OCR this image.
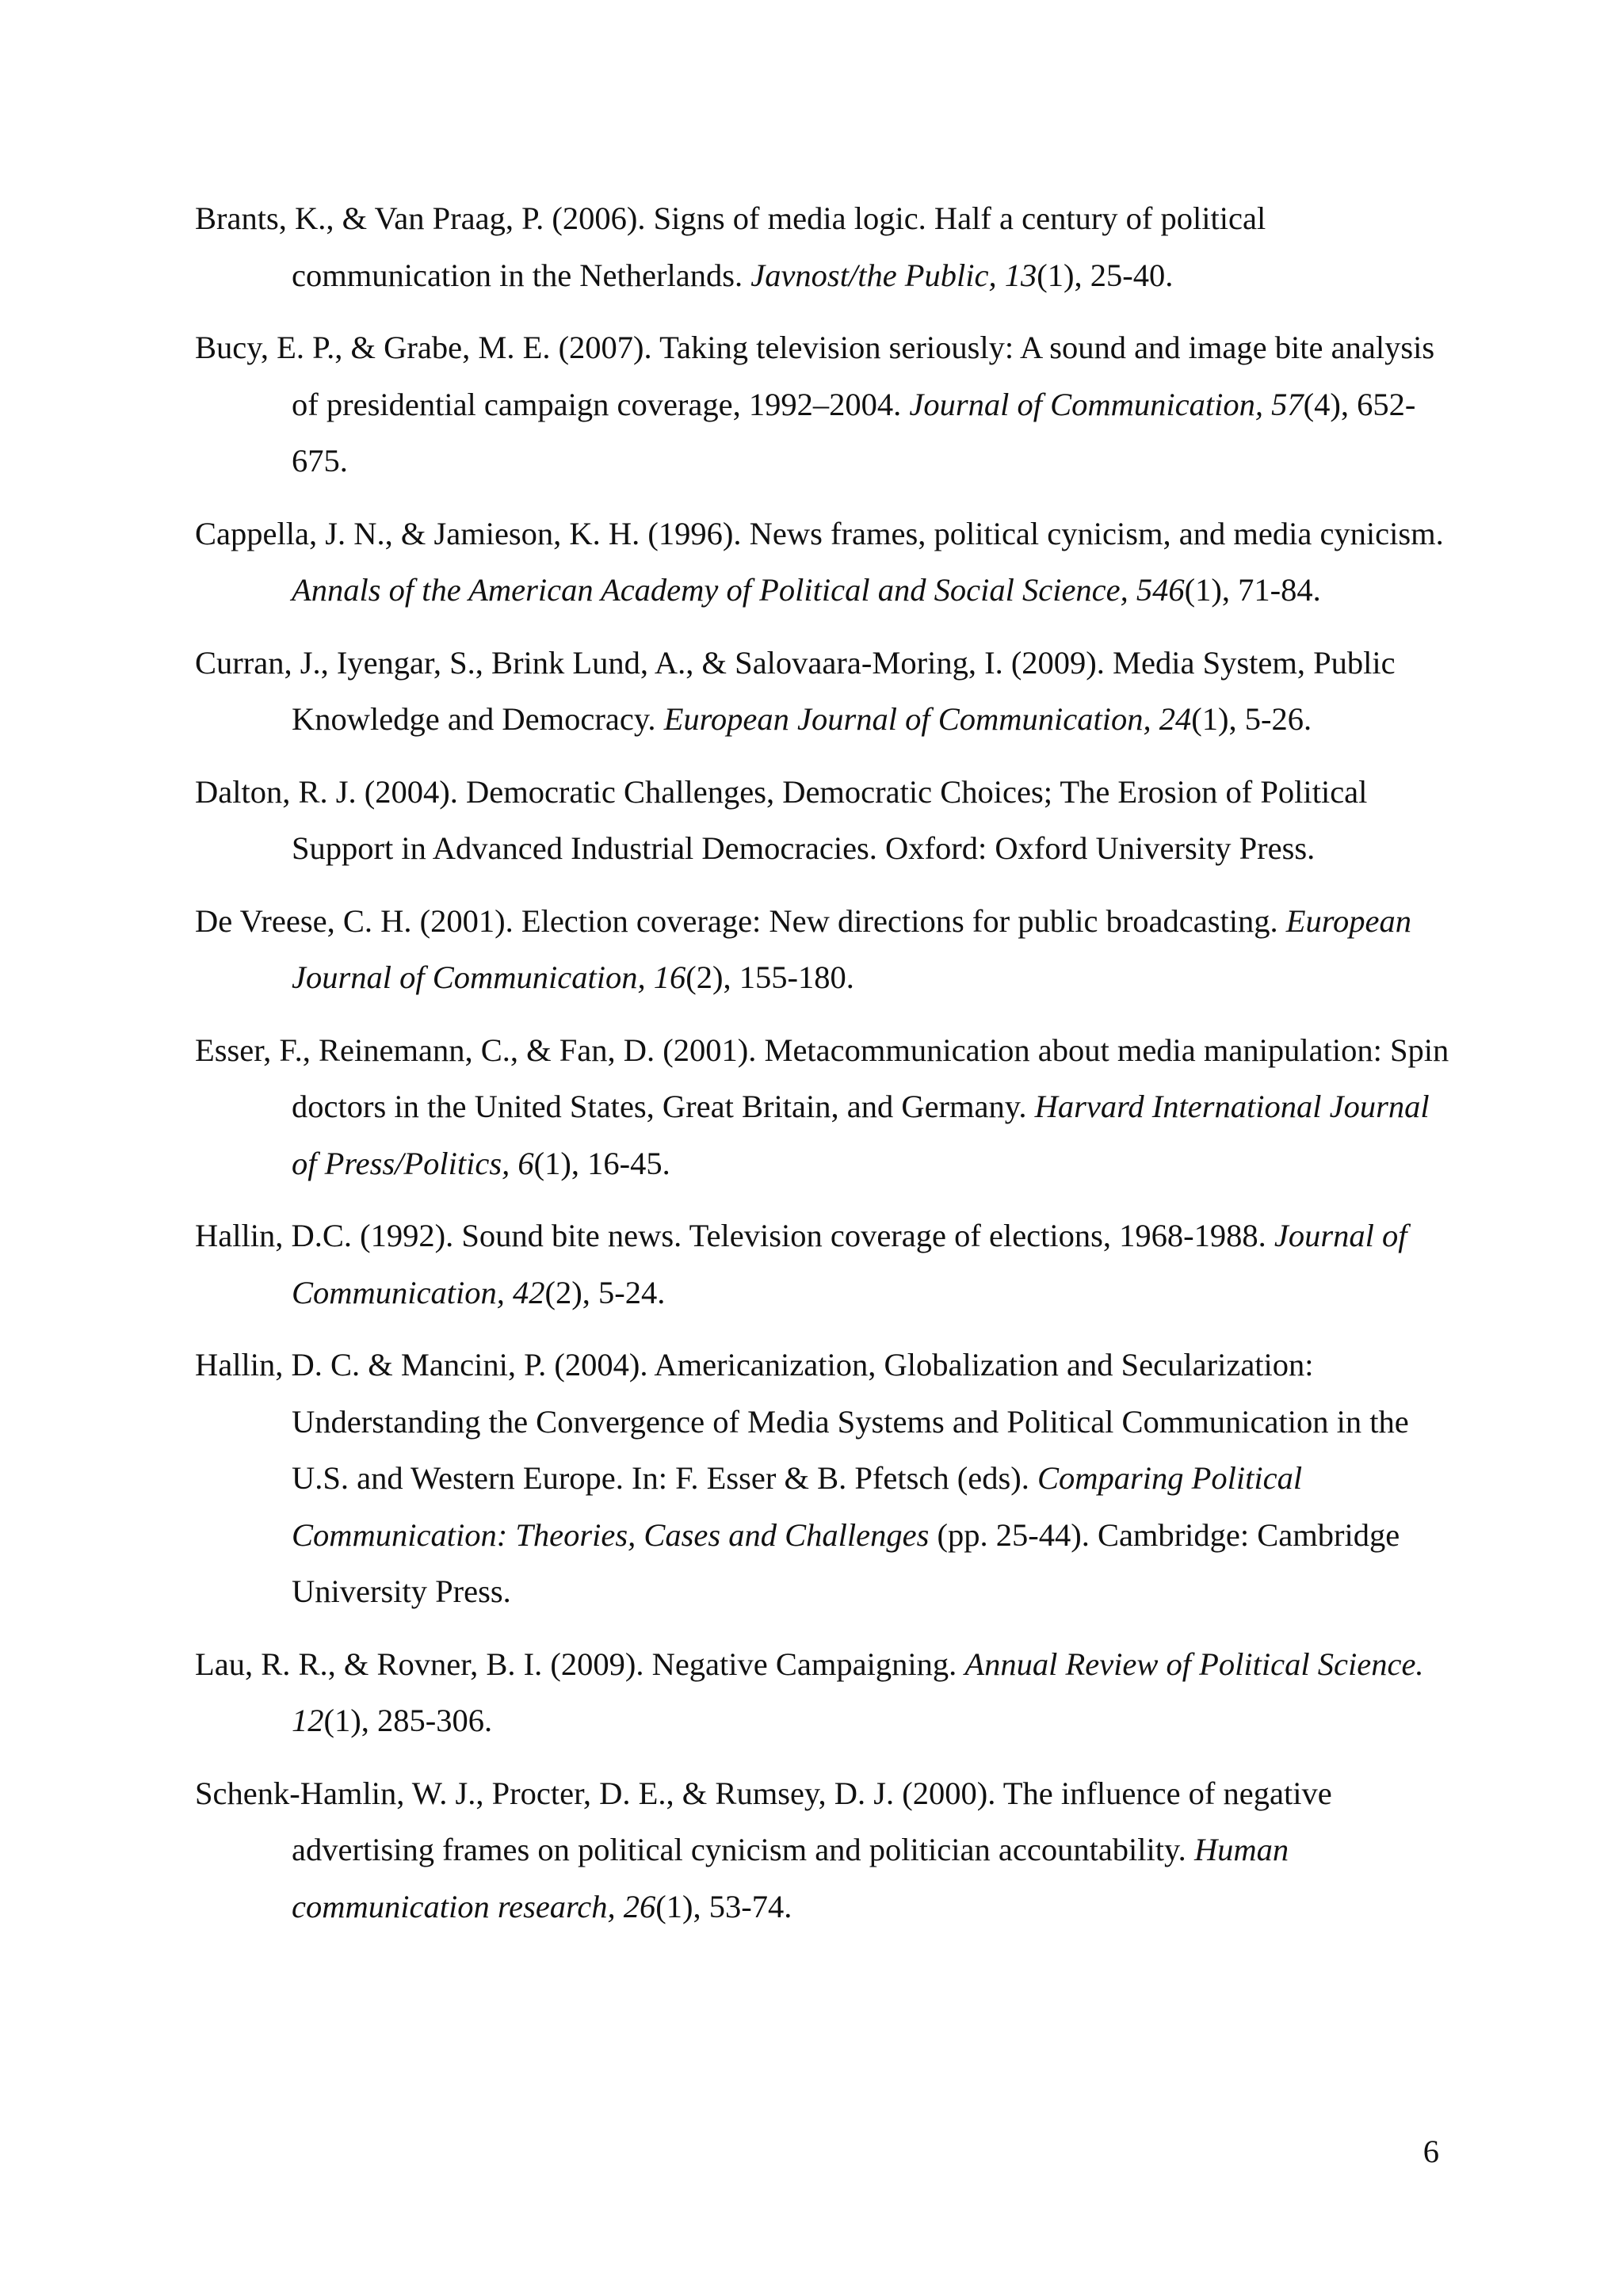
Brants, K., & Van Praag, P. (2006). Signs of media logic. Half a century of political communication in the Netherlands. Javnost/the Public, 13(1), 25-40.

Bucy, E. P., & Grabe, M. E. (2007). Taking television seriously: A sound and image bite analysis of presidential campaign coverage, 1992–2004. Journal of Communication, 57(4), 652-675.

Cappella, J. N., & Jamieson, K. H. (1996). News frames, political cynicism, and media cynicism. Annals of the American Academy of Political and Social Science, 546(1), 71-84.

Curran, J., Iyengar, S., Brink Lund, A., & Salovaara-Moring, I. (2009). Media System, Public Knowledge and Democracy. European Journal of Communication, 24(1), 5-26.

Dalton, R. J. (2004). Democratic Challenges, Democratic Choices; The Erosion of Political Support in Advanced Industrial Democracies. Oxford: Oxford University Press.

De Vreese, C. H. (2001). Election coverage: New directions for public broadcasting. European Journal of Communication, 16(2), 155-180.

Esser, F., Reinemann, C., & Fan, D. (2001). Metacommunication about media manipulation: Spin doctors in the United States, Great Britain, and Germany. Harvard International Journal of Press/Politics, 6(1), 16-45.

Hallin, D.C. (1992). Sound bite news. Television coverage of elections, 1968-1988. Journal of Communication, 42(2), 5-24.

Hallin, D. C. & Mancini, P. (2004). Americanization, Globalization and Secularization: Understanding the Convergence of Media Systems and Political Communication in the U.S. and Western Europe. In: F. Esser & B. Pfetsch (eds). Comparing Political Communication: Theories, Cases and Challenges (pp. 25-44). Cambridge: Cambridge University Press.

Lau, R. R., & Rovner, B. I. (2009). Negative Campaigning. Annual Review of Political Science. 12(1), 285-306.

Schenk-Hamlin, W. J., Procter, D. E., & Rumsey, D. J. (2000). The influence of negative advertising frames on political cynicism and politician accountability. Human communication research, 26(1), 53-74.

6
